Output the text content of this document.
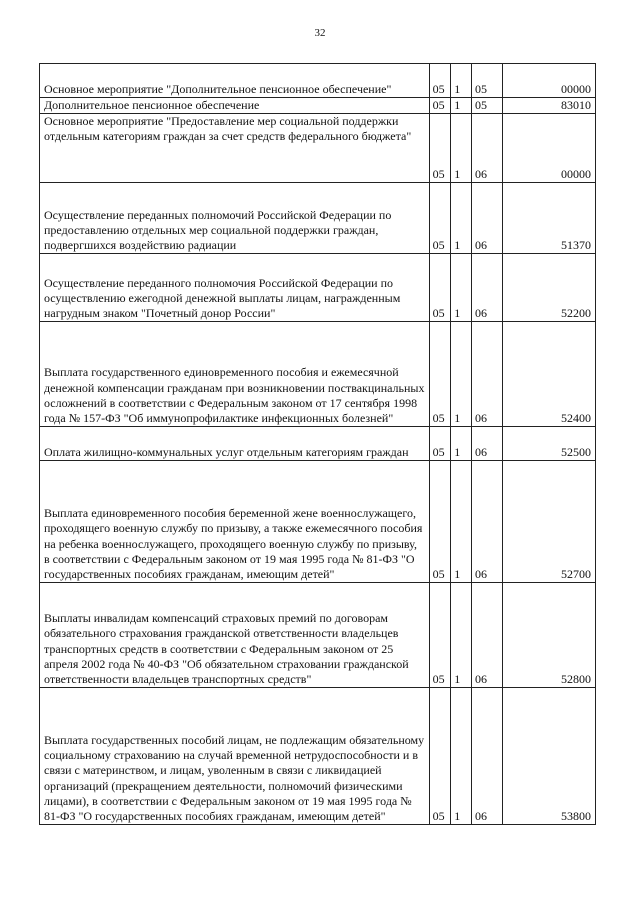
32
Основное мероприятие "Дополнительное пенсионное обеспечение"	05	1	05	00000
Дополнительное пенсионное обеспечение	05	1	05	83010
Основное мероприятие "Предоставление мер социальной поддержки отдельным категориям граждан за счет средств федерального бюджета"	05	1	06	00000
Осуществление переданных полномочий Российской Федерации по предоставлению отдельных мер социальной поддержки граждан, подвергшихся воздействию радиации	05	1	06	51370
Осуществление переданного полномочия Российской Федерации по осуществлению ежегодной денежной выплаты лицам, награжденным нагрудным знаком "Почетный донор России"	05	1	06	52200
Выплата государственного единовременного пособия и ежемесячной денежной компенсации гражданам при возникновении поствакцинальных осложнений в соответствии с Федеральным законом от 17 сентября 1998 года № 157-ФЗ "Об иммунопрофилактике инфекционных болезней"	05	1	06	52400
Оплата жилищно-коммунальных услуг отдельным категориям граждан	05	1	06	52500
Выплата единовременного пособия беременной жене военнослужащего, проходящего военную службу по призыву, а также ежемесячного пособия на ребенка военнослужащего, проходящего военную службу по призыву, в соответствии с Федеральным законом от 19 мая 1995 года № 81-ФЗ "О государственных пособиях гражданам, имеющим детей"	05	1	06	52700
Выплаты инвалидам компенсаций страховых премий по договорам обязательного страхования гражданской ответственности владельцев транспортных средств в соответствии с Федеральным законом от 25 апреля 2002 года № 40-ФЗ "Об обязательном страховании гражданской ответственности владельцев транспортных средств"	05	1	06	52800
Выплата государственных пособий лицам, не подлежащим обязательному социальному страхованию на случай временной нетрудоспособности и в связи с материнством, и лицам, уволенным в связи с ликвидацией организаций (прекращением деятельности, полномочий физическими лицами), в соответствии с Федеральным законом от 19 мая 1995 года № 81-ФЗ "О государственных пособиях гражданам, имеющим детей"	05	1	06	53800
